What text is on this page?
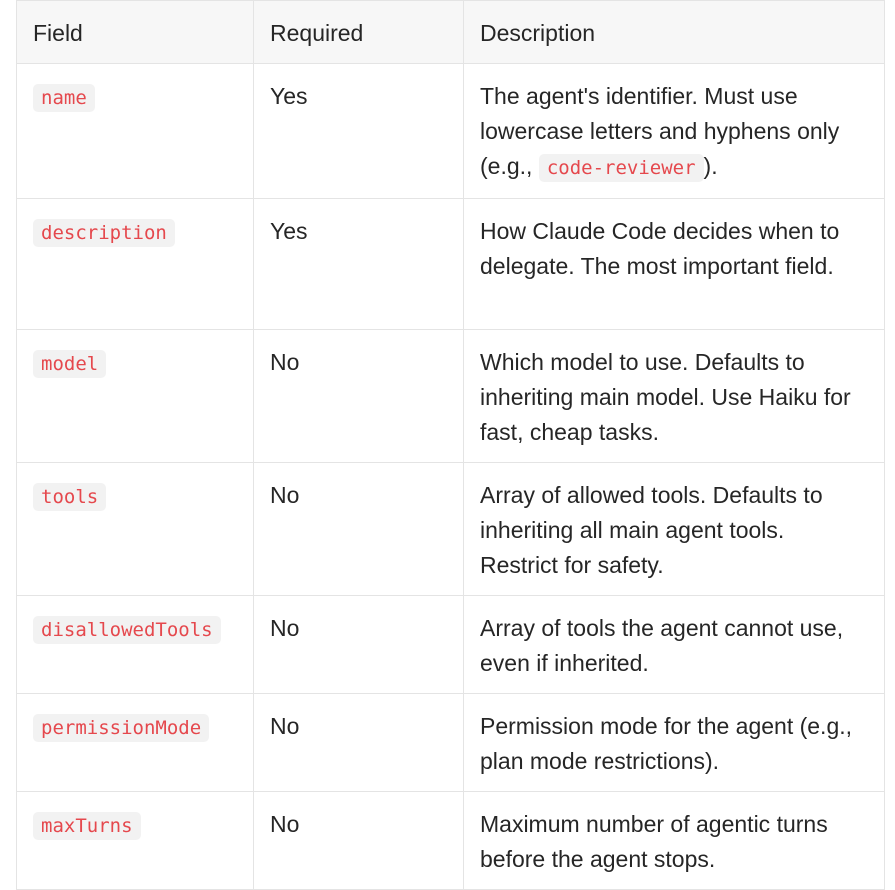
Field	Required	Description
name	Yes	The agent's identifier. Must use lowercase letters and hyphens only (e.g., code-reviewer ).
description	Yes	How Claude Code decides when to delegate. The most important field.
model	No	Which model to use. Defaults to inheriting main model. Use Haiku for fast, cheap tasks.
tools	No	Array of allowed tools. Defaults to inheriting all main agent tools. Restrict for safety.
disallowedTools	No	Array of tools the agent cannot use, even if inherited.
permissionMode	No	Permission mode for the agent (e.g., plan mode restrictions).
maxTurns	No	Maximum number of agentic turns before the agent stops.
